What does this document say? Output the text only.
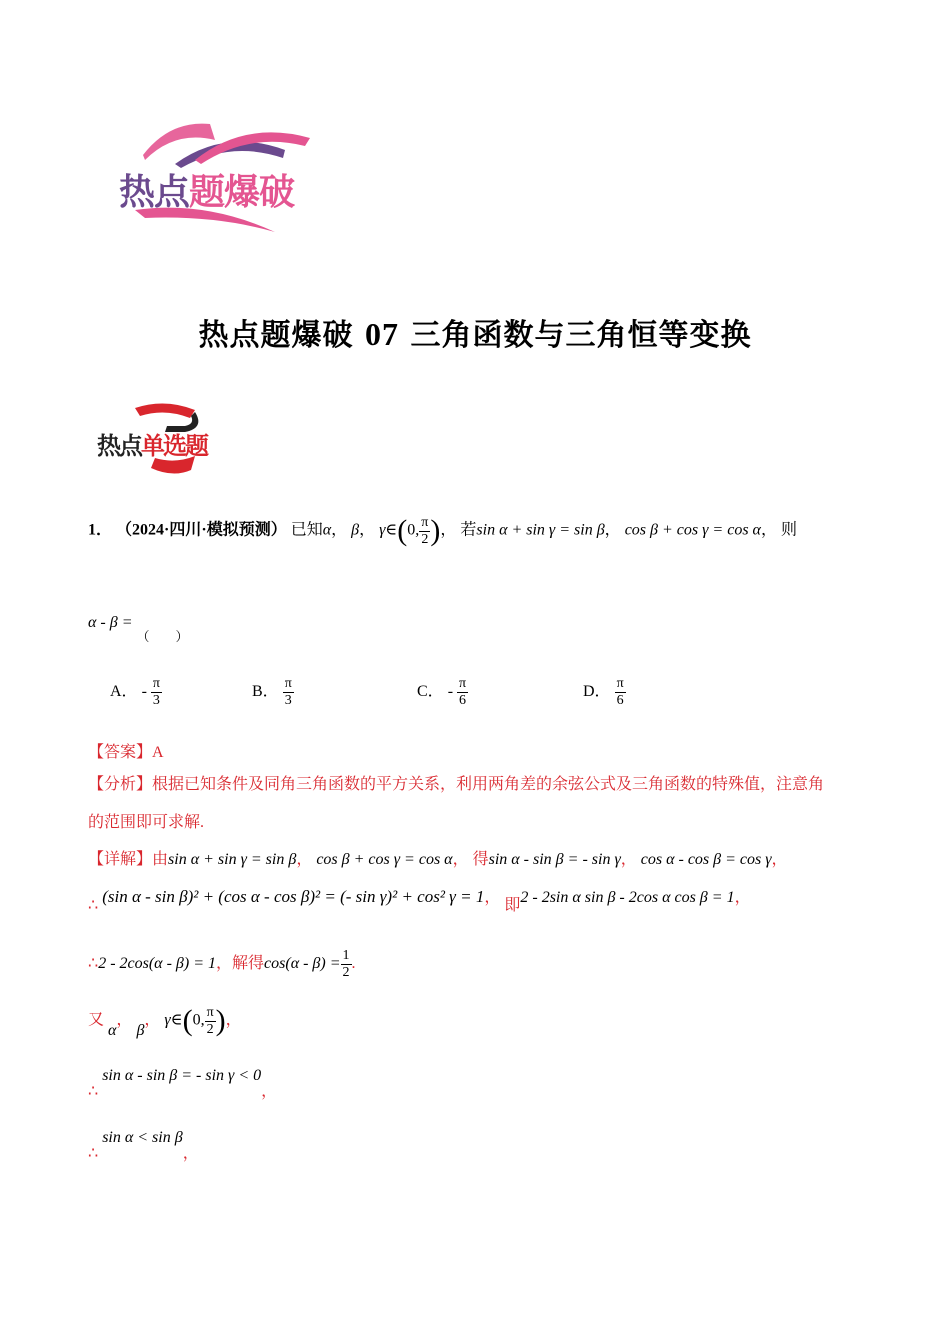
热点题爆破
热点题爆破 07 三角函数与三角恒等变换
热点单选题
1． （2024·四川·模拟预测） 已知α， β， γ∈(0, $\frac{\pi}{2}$ )， 若sin α + sin γ = sin β， cos β + cos γ = cos α， 则
α - β = $_{( )}$
A． - $\frac{\pi}{3}$	B． $\frac{\pi}{3}$	C． - $\frac{\pi}{6}$	D． $\frac{\pi}{6}$
【答案】A
【分析】根据已知条件及同角三角函数的平方关系，利用两角差的余弦公式及三角函数的特殊值，注意角
的范围即可求解.
【详解】由sin α + sin γ = sin β， cos β + cos γ = cos α， 得sin α - sin β = - sin γ， cos α - cos β = cos γ，
∴ (sin α - sin β)² + (cos α - cos β)² = (- sin γ)² + cos² γ = 1， 即2 - 2sin α sin β - 2cos α cos β = 1，
∴2 - 2cos(α - β) = 1，解得$\cos(\alpha - \beta) = \frac{1}{2}$ .
又 α， β， γ∈(0, $\frac{\pi}{2}$ )，
∴ sin α - sin β = - sin γ < 0，
∴ sin α < sin β，
